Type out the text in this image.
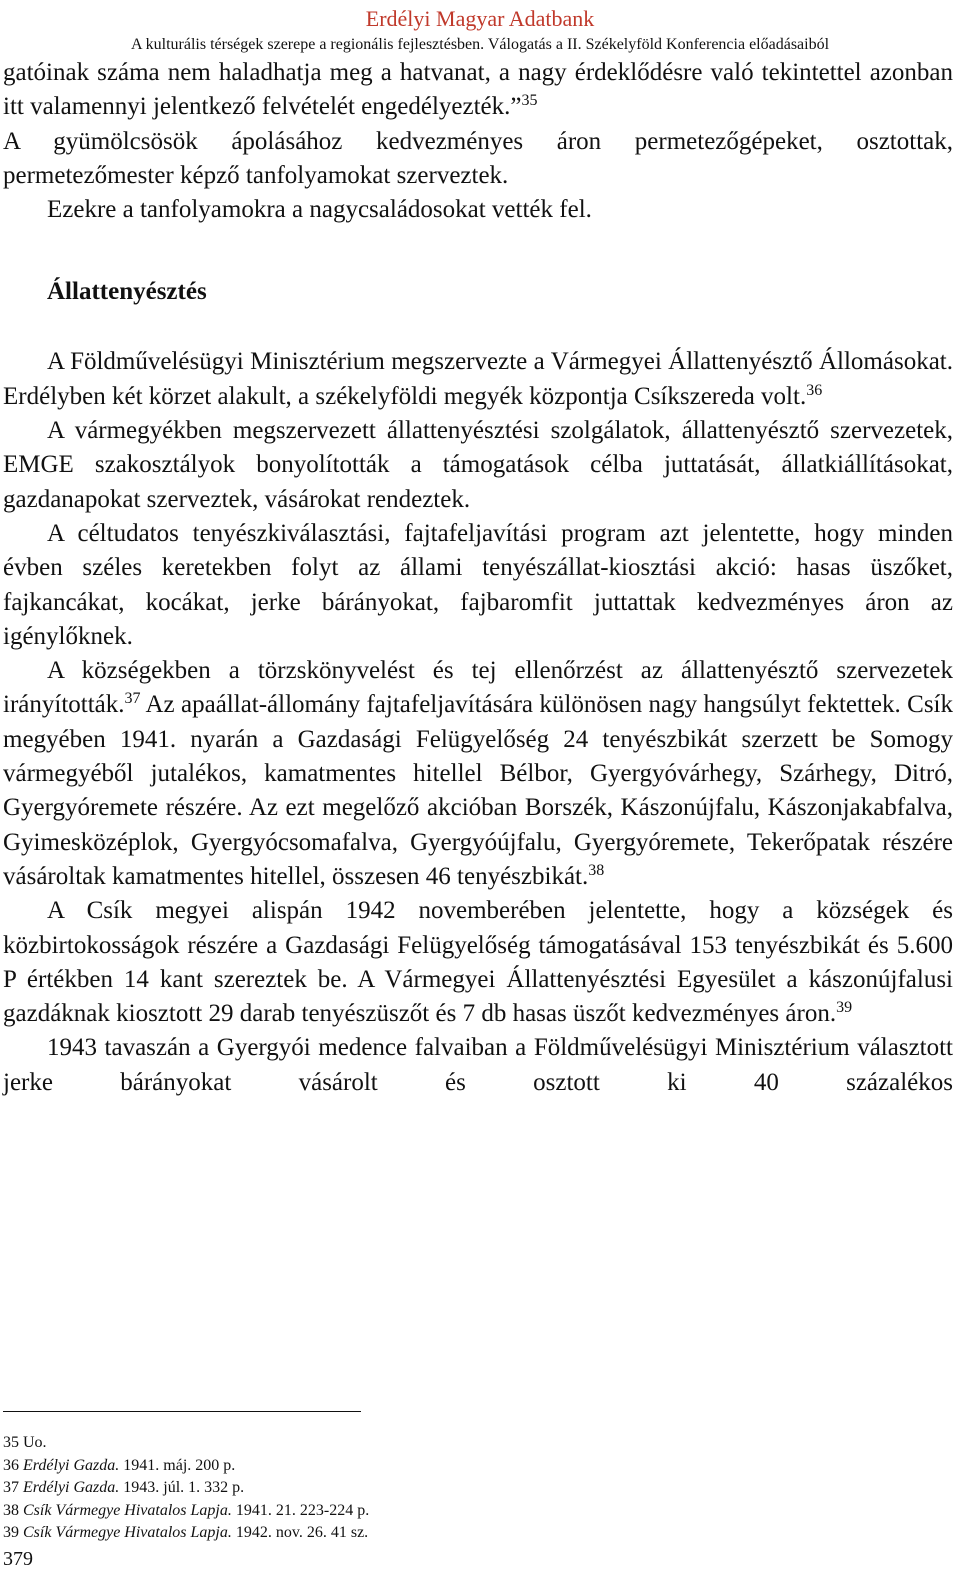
Erdélyi Magyar Adatbank
A kulturális térségek szerepe a regionális fejlesztésben. Válogatás a II. Székelyföld Konferencia előadásaiból

gatóinak száma nem haladhatja meg a hatvanat, a nagy érdeklődésre való tekintettel azonban itt valamennyi jelentkező felvételét engedélyezték.”$^{35}$

A gyümölcsösök ápolásához kedvezményes áron permetezőgépeket, osztottak, permetezőmester képző tanfolyamokat szerveztek.

Ezekre a tanfolyamokra a nagycsaládosokat vették fel.

Állattenyésztés

A Földművelésügyi Minisztérium megszervezte a Vármegyei Állattenyésztő Állomásokat. Erdélyben két körzet alakult, a székelyföldi megyék központja Csíkszereda volt.$^{36}$

A vármegyékben megszervezett állattenyésztési szolgálatok, állattenyésztő szervezetek, EMGE szakosztályok bonyolították a támogatások célba juttatását, állatkiállításokat, gazdanapokat szerveztek, vásárokat rendeztek.

A céltudatos tenyészkiválasztási, fajtafeljavítási program azt jelentette, hogy minden évben széles keretekben folyt az állami tenyészállat-kiosztási akció: hasas üszőket, fajkancákat, kocákat, jerke bárányokat, fajbaromfit juttattak kedvezményes áron az igénylőknek.

A községekben a törzskönyvelést és tej ellenőrzést az állattenyésztő szervezetek irányították.$^{37}$ Az apaállat-állomány fajtafeljavítására különösen nagy hangsúlyt fektettek. Csík megyében 1941. nyarán a Gazdasági Felügyelőség 24 tenyészbikát szerzett be Somogy vármegyéből jutalékos, kamatmentes hitellel Bélbor, Gyergyóvárhegy, Szárhegy, Ditró, Gyergyóremete részére. Az ezt megelőző akcióban Borszék, Kászonújfalu, Kászonjakabfalva, Gyimesközéplok, Gyergyócsomafalva, Gyergyóújfalu, Gyergyóremete, Tekerőpatak részére vásároltak kamatmentes hitellel, összesen 46 tenyészbikát.$^{38}$

A Csík megyei alispán 1942 novemberében jelentette, hogy a községek és közbirtokosságok részére a Gazdasági Felügyelőség támogatásával 153 tenyészbikát és 5.600 P értékben 14 kant szereztek be. A Vármegyei Állattenyésztési Egyesület a kászonújfalusi gazdáknak kiosztott 29 darab tenyészüszőt és 7 db hasas üszőt kedvezményes áron.$^{39}$

1943 tavaszán a Gyergyói medence falvaiban a Földművelésügyi Minisztérium választott jerke bárányokat vásárolt és osztott ki 40 százalékos

35 Uo.
36 Erdélyi Gazda. 1941. máj. 200 p.
37 Erdélyi Gazda. 1943. júl. 1. 332 p.
38 Csík Vármegye Hivatalos Lapja. 1941. 21. 223-224 p.
39 Csík Vármegye Hivatalos Lapja. 1942. nov. 26. 41 sz.
379
